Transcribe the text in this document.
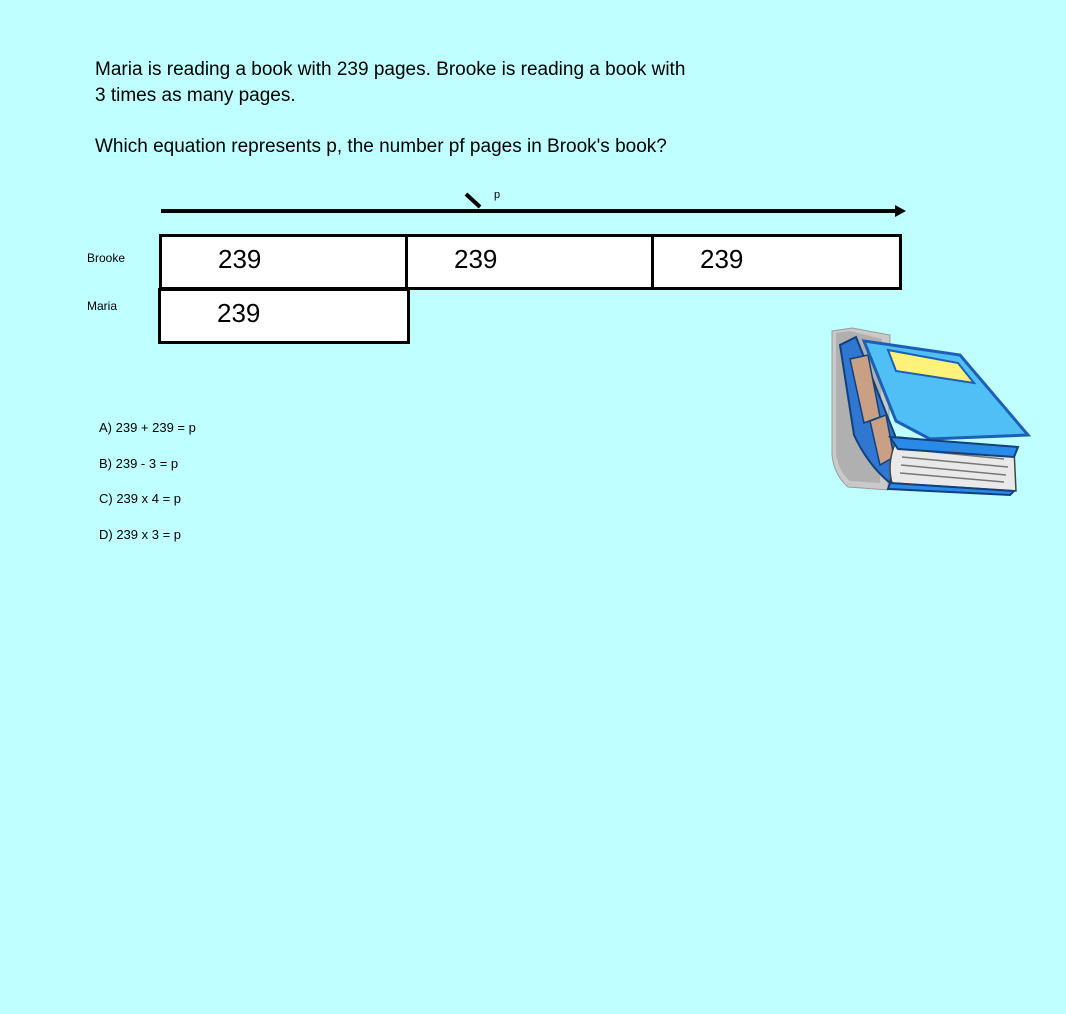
Maria is reading a book with 239 pages. Brooke is reading a book with

3 times as many pages.

Which equation represents p, the number pf pages in Brook's book?

p
Brooke
Maria
239	239	239
239
A) 239 + 239 = p
B) 239 - 3 = p
C) 239 x 4 = p
D) 239 x 3 = p
